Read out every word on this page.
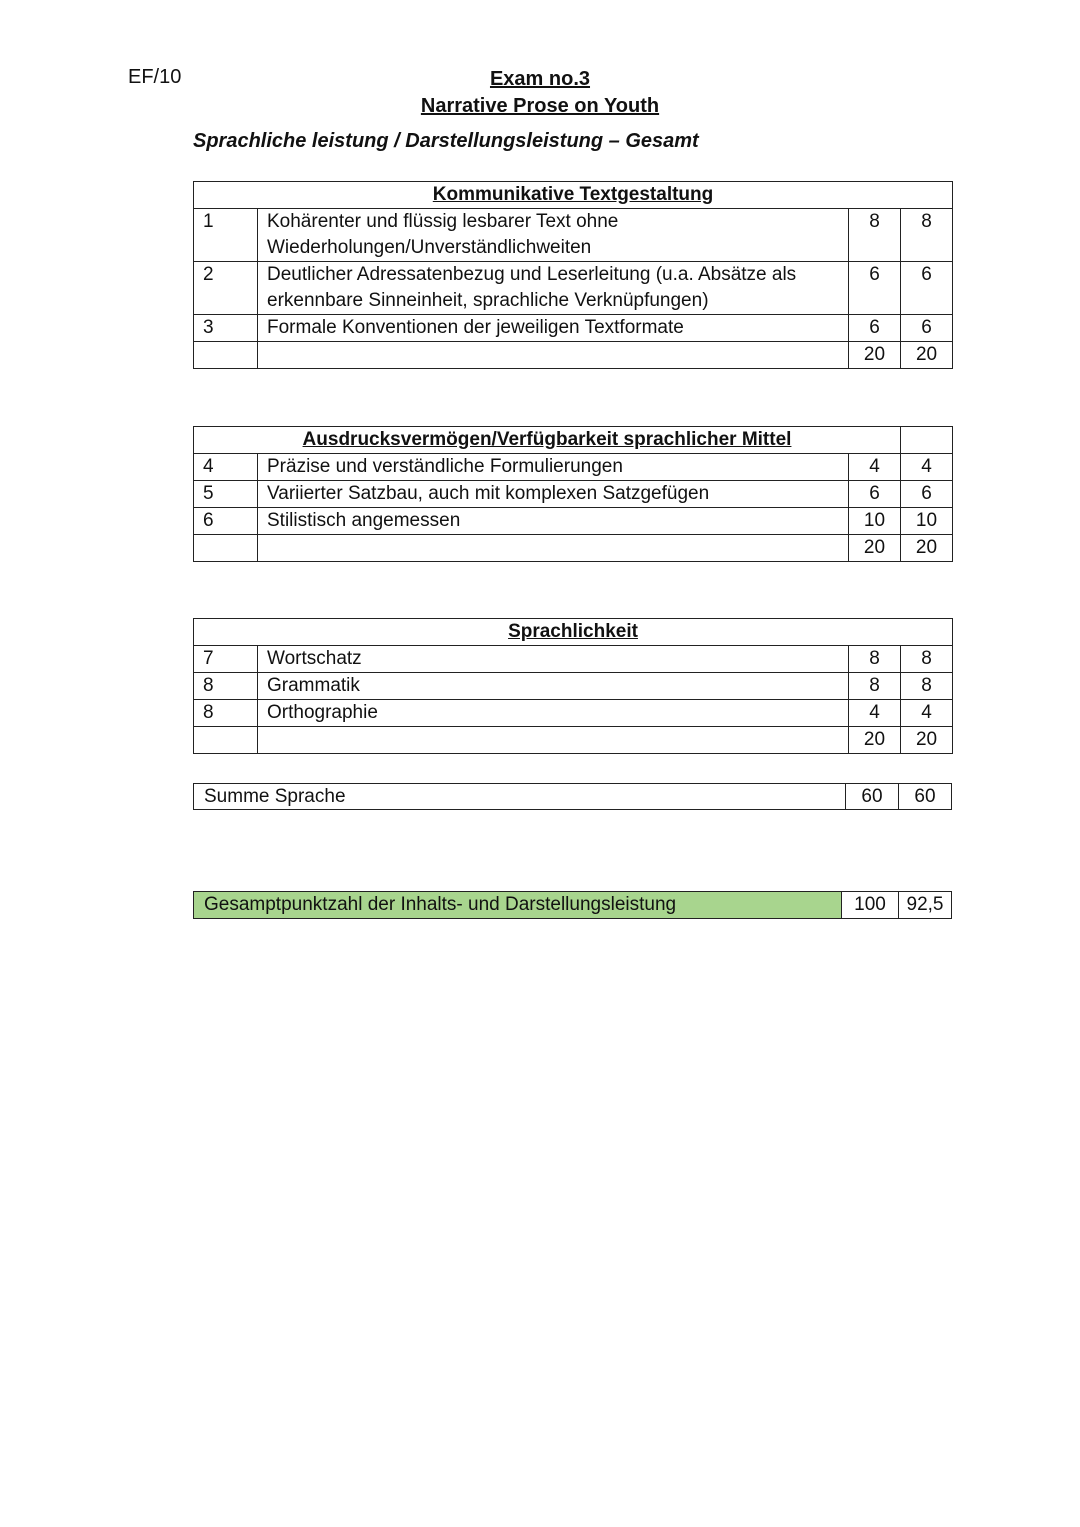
EF/10	Exam no.3
Narrative Prose on Youth
Sprachliche leistung / Darstellungsleistung – Gesamt
Kommunikative Textgestaltung			
1	Kohärenter und flüssig lesbarer Text ohne Wiederholungen/Unverständlichweiten	8	8
2	Deutlicher Adressatenbezug und Leserleitung (u.a. Absätze als erkennbare Sinneinheit, sprachliche Verknüpfungen)	6	6
3	Formale Konventionen der jeweiligen Textformate	6	6
		20	20
Ausdrucksvermögen/Verfügbarkeit sprachlicher Mittel			
4	Präzise und verständliche Formulierungen	4	4
5	Variierter Satzbau, auch mit komplexen Satzgefügen	6	6
6	Stilistisch angemessen	10	10
		20	20
Sprachlichkeit			
7	Wortschatz	8	8
8	Grammatik	8	8
8	Orthographie	4	4
		20	20
Summe Sprache	60	60
Gesamptpunktzahl der Inhalts- und Darstellungsleistung	100	92,5
